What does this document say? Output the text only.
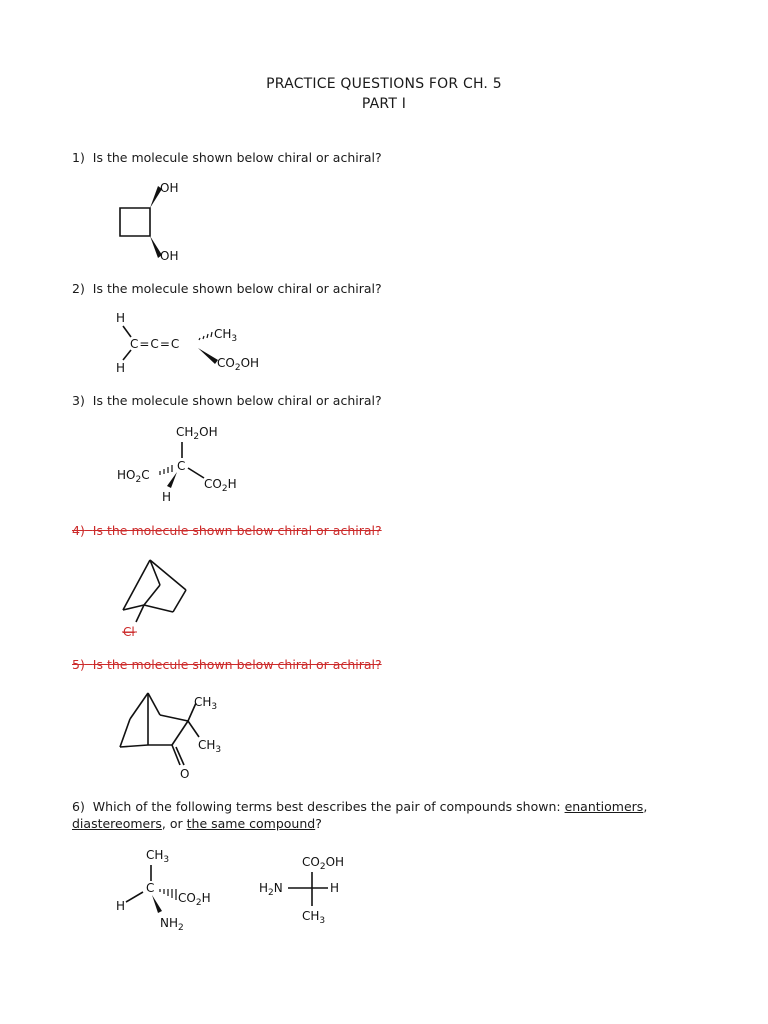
PRACTICE QUESTIONS FOR CH. 5
PART I
1) Is the molecule shown below chiral or achiral?
OH
OH
2) Is the molecule shown below chiral or achiral?
H
H
C=C=C
$CH_3$
$CO_2OH$
3) Is the molecule shown below chiral or achiral?
$CH_2OH$
C
$HO_2C$
$CO_2H$
H
4) Is the molecule shown below chiral or achiral?
Cl
5) Is the molecule shown below chiral or achiral?
$CH_3$
$CH_3$
O
6) Which of the following terms best describes the pair of compounds shown: enantiomers, diastereomers, or the same compound?
$CH_3$
C
H
$CO_2H$
$NH_2$
$CO_2OH$
$H_2N$	H
$CH_3$
